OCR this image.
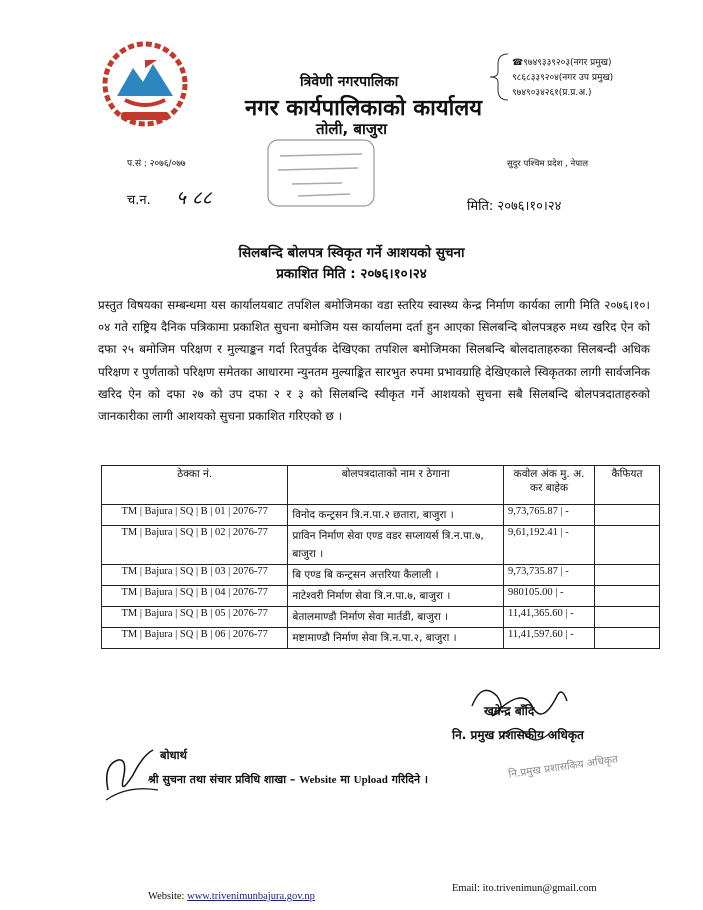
त्रिवेणी नगरपालिका
नगर कार्यपालिकाको कार्यालय
तोली, बाजुरा
☎९७४९३३९२०३(नगर प्रमुख)
९८६८३३९२०४(नगर उप प्रमुख)
९७४९०३४२६१(प्र.प्र.अ.)
प.सं : २०७६/०७७	सुदुर पश्चिम प्रदेश , नेपाल
च.न. ५ ८८	मिति: २०७६।१०।२४
सिलबन्दि बोलपत्र स्विकृत गर्ने आशयको सुचना
प्रकाशित मिति : २०७६।१०।२४
प्रस्तुत विषयका सम्बन्धमा यस कार्यालयबाट तपशिल बमोजिमका वडा स्तरिय स्वास्थ्य केन्द्र निर्माण कार्यका लागी मिति २०७६।१०।०४ गते राष्ट्रिय दैनिक पत्रिकामा प्रकाशित सुचना बमोजिम यस कार्यालमा दर्ता हुन आएका सिलबन्दि बोलपत्रहरु मध्य खरिद ऐन को दफा २५ बमोजिम परिक्षण र मुल्याङ्कन गर्दा रितपुर्वक देखिएका तपशिल बमोजिमका सिलबन्दि बोलदाताहरुका सिलबन्दी अधिक परिक्षण र पुर्णताको परिक्षण समेतका आधारमा न्युनतम मुल्याङ्कित सारभुत रुपमा प्रभावग्राहि देखिएकाले स्विकृतका लागी सार्वजनिक खरिद ऐन को दफा २७ को उप दफा २ र ३ को सिलबन्दि स्वीकृत गर्ने आशयको सुचना सबै सिलबन्दि बोलपत्रदाताहरुको जानकारीका लागी आशयको सुचना प्रकाशित गरिएको छ ।
ठेक्का नं.	बोलपत्रदाताको नाम र ठेगाना	कवोल अंक मु. अ. कर बाहेक	कैफियत
TM | Bajura | SQ | B | 01 | 2076-77	विनोद कन्ट्रसन त्रि.न.पा.२ छतारा, बाजुरा ।	9,73,765.87 | -	
TM | Bajura | SQ | B | 02 | 2076-77	प्राविन निर्माण सेवा एण्ड वडर सप्लायर्स त्रि.न.पा.७, बाजुरा ।	9,61,192.41 | -	
TM | Bajura | SQ | B | 03 | 2076-77	बि एण्ड बि कन्ट्रसन अत्तरिया कैलाली ।	9,73,735.87 | -	
TM | Bajura | SQ | B | 04 | 2076-77	नाटेश्वरी निर्माण सेवा त्रि.न.पा.७, बाजुरा ।	980105.00 | -	
TM | Bajura | SQ | B | 05 | 2076-77	बेतालमाण्डौ निर्माण सेवा मार्तडी, बाजुरा ।	11,41,365.60 | -	
TM | Bajura | SQ | B | 06 | 2076-77	मष्टामाण्डौ निर्माण सेवा त्रि.न.पा.२, बाजुरा ।	11,41,597.60 | -	
खगेन्द्र बाँदि
नि. प्रमुख प्रशासकीय अधिकृत
बोधार्थ
श्री सुचना तथा संचार प्रविधि शाखा – Website मा Upload गरिदिने ।	नि.प्रमुख प्रशासकिय अधिकृत
Website: www.trivenimunbajura.gov.np
Email: ito.trivenimun@gmail.com
